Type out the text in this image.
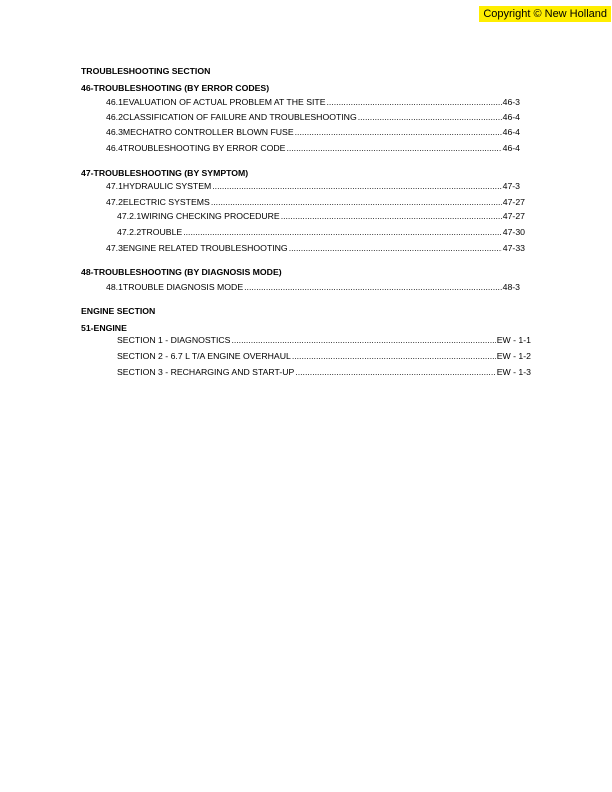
Copyright © New Holland
TROUBLESHOOTING SECTION
46-TROUBLESHOOTING (BY ERROR CODES)
46.1 EVALUATION OF ACTUAL PROBLEM AT THE SITE .....	46-3
46.2 CLASSIFICATION OF FAILURE AND TROUBLESHOOTING .....	46-4
46.3 MECHATRO CONTROLLER BLOWN FUSE .....	46-4
46.4 TROUBLESHOOTING BY ERROR CODE .....	46-4
47-TROUBLESHOOTING (BY SYMPTOM)
47.1 HYDRAULIC SYSTEM .....	47-3
47.2 ELECTRIC SYSTEMS .....	47-27
47.2.1 WIRING CHECKING PROCEDURE .....	47-27
47.2.2 TROUBLE .....	47-30
47.3 ENGINE RELATED TROUBLESHOOTING .....	47-33
48-TROUBLESHOOTING (BY DIAGNOSIS MODE)
48.1 TROUBLE DIAGNOSIS MODE .....	48-3
ENGINE SECTION
51-ENGINE
SECTION 1 - DIAGNOSTICS .....	EW - 1-1
SECTION 2 - 6.7 L T/A ENGINE OVERHAUL .....	EW - 1-2
SECTION 3 - RECHARGING AND START-UP .....	EW - 1-3
